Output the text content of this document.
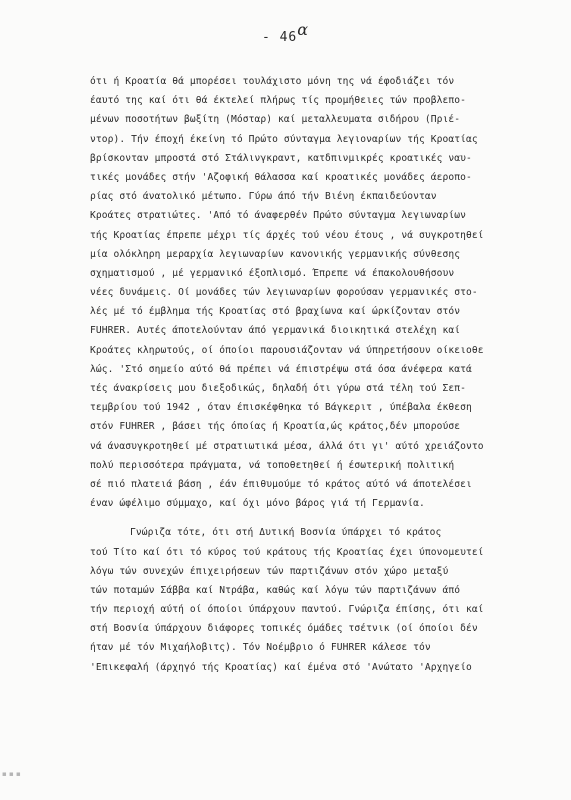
- 46α
ότι ή Κροατία θά μπορέσει τουλάχιστο μόνη της νά έφοδιάζει τόν
έαυτό της καί ότι θά έκτελεί πλήρως τίς προμήθειες τών προβλεπο-
μένων ποσοτήτων βωξίτη (Μόσταρ) καί μεταλλευματα σιδήρου (Πριέ-
ντορ). Τήν έποχή έκείνη τό Πρώτο σύνταγμα λεγιοναρίων τής Κροατίας
βρίσκονταν μπροστά στό Στάλινγκραντ, κατδπινμικρές κροατικές ναυ-
τικές μονάδες στήν 'Αζοφική θάλασσα καί κροατικές μονάδες άεροπο-
ρίας στό άνατολικό μέτωπο. Γύρω άπό τήν Βιένη έκπαιδεύονταν
Κροάτες στρατιώτες. 'Από τό άναφερθέν Πρώτο σύνταγμα λεγιωναρίων
τής Κροατίας έπρεπε μέχρι τίς άρχές τού νέου έτους , νά συγκροτηθεί
μία ολόκληρη μεραρχία λεγιωναρίων κανονικής γερμανικής σύνθεσης
σχηματισμού , μέ γερμανικό έξοπλισμό. Έπρεπε νά έπακολουθήσουν
νέες δυνάμεις. Οί μονάδες τών λεγιωναρίων φορούσαν γερμανικές στο-
λές μέ τό έμβλημα τής Κροατίας στό βραχίωνα καί ώρκίζονταν στόν
FUHRER. Αυτές άποτελούνταν άπό γερμανικά διοικητικά στελέχη καί
Κροάτες κληρωτούς, οί όποίοι παρουσιάζονταν νά ύπηρετήσουν οίκειοθε
λώς. 'Στό σημείο αύτό θά πρέπει νά έπιστρέψω στά όσα άνέφερα κατά
τές άνακρίσεις μου διεξοδικώς, δηλαδή ότι γύρω στά τέλη τού Σεπ-
τεμβρίου τού 1942 , όταν έπισκέφθηκα τό Βάγκεριτ , ύπέβαλα έκθεση
στόν FUHRER , βάσει τής όποίας ή Κροατία,ώς κράτος,δέν μπορούσε
νά άνασυγκροτηθεί μέ στρατιωτικά μέσα, άλλά ότι γι' αύτό χρειάζοντο
πολύ περισσότερα πράγματα, νά τοποθετηθεί ή έσωτερική πολιτική
σέ πιό πλατειά βάση , έάν έπιθυμούμε τό κράτος αύτό νά άποτελέσει
έναν ώφέλιμο σύμμαχο, καί όχι μόνο βάρος γιά τή Γερμανία.
Γνώριζα τότε, ότι στή Δυτική Βοσνία ύπάρχει τό κράτος
τού Τίτο καί ότι τό κύρος τού κράτους τής Κροατίας έχει ύπονομευτεί
λόγω τών συνεχών έπιχειρήσεων τών παρτιζάνων στόν χώρο μεταξύ
τών ποταμών Σάββα καί Ντράβα, καθώς καί λόγω τών παρτιζάνων άπό
τήν περιοχή αύτή οί όποίοι ύπάρχουν παντού. Γνώριζα έπίσης, ότι καί
στή Βοσνία ύπάρχουν διάφορες τοπικές όμάδες τσέτνικ (οί όποίοι δέν
ήταν μέ τόν Μιχαήλοβιτς). Τόν Νοέμβριο ό FUHRER κάλεσε τόν
'Επικεφαλή (άρχηγό τής Κροατίας) καί έμένα στό 'Ανώτατο 'Αρχηγείο
▪ ▪ ▪
